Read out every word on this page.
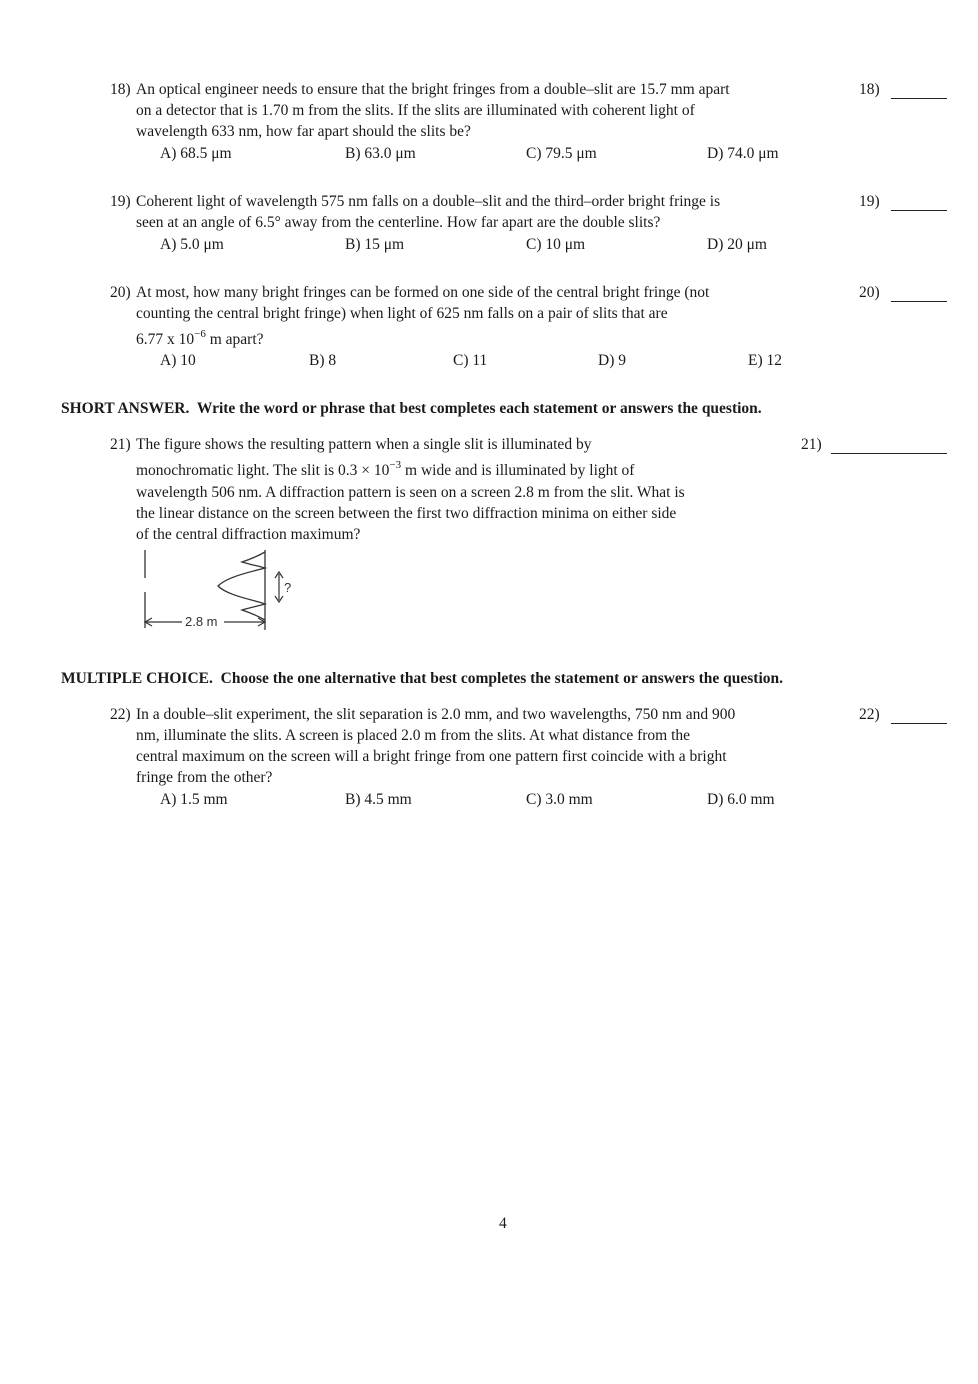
18) An optical engineer needs to ensure that the bright fringes from a double–slit are 15.7 mm apart
on a detector that is 1.70 m from the slits. If the slits are illuminated with coherent light of
wavelength 633 nm, how far apart should the slits be?
A) 68.5 μm	B) 63.0 μm	C) 79.5 μm	D) 74.0 μm
18)
19) Coherent light of wavelength 575 nm falls on a double–slit and the third–order bright fringe is
seen at an angle of 6.5° away from the centerline. How far apart are the double slits?
A) 5.0 μm	B) 15 μm	C) 10 μm	D) 20 μm
19)
20) At most, how many bright fringes can be formed on one side of the central bright fringe (not
counting the central bright fringe) when light of 625 nm falls on a pair of slits that are
6.77 x $10^{-6}$ m apart?
A) 10	B) 8	C) 11	D) 9	E) 12
20)
SHORT ANSWER. Write the word or phrase that best completes each statement or answers the question.
21) The figure shows the resulting pattern when a single slit is illuminated by
monochromatic light. The slit is $0.3 \times 10^{-3}$ m wide and is illuminated by light of
wavelength 506 nm. A diffraction pattern is seen on a screen 2.8 m from the slit. What is
the linear distance on the screen between the first two diffraction minima on either side
of the central diffraction maximum?
21)
?
2.8 m
MULTIPLE CHOICE. Choose the one alternative that best completes the statement or answers the question.
22) In a double–slit experiment, the slit separation is 2.0 mm, and two wavelengths, 750 nm and 900
nm, illuminate the slits. A screen is placed 2.0 m from the slits. At what distance from the
central maximum on the screen will a bright fringe from one pattern first coincide with a bright
fringe from the other?
A) 1.5 mm	B) 4.5 mm	C) 3.0 mm	D) 6.0 mm
22)
4
